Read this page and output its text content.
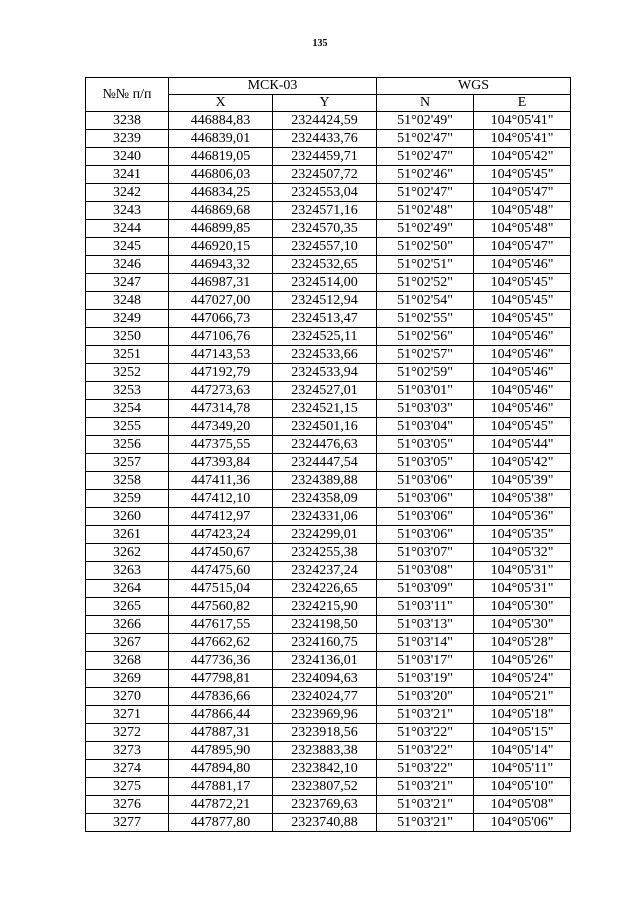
135
№№ п/п	МСК-03		WGS	
	X	Y	N	E
3238	446884,83	2324424,59	51°02'49"	104°05'41"
3239	446839,01	2324433,76	51°02'47"	104°05'41"
3240	446819,05	2324459,71	51°02'47"	104°05'42"
3241	446806,03	2324507,72	51°02'46"	104°05'45"
3242	446834,25	2324553,04	51°02'47"	104°05'47"
3243	446869,68	2324571,16	51°02'48"	104°05'48"
3244	446899,85	2324570,35	51°02'49"	104°05'48"
3245	446920,15	2324557,10	51°02'50"	104°05'47"
3246	446943,32	2324532,65	51°02'51"	104°05'46"
3247	446987,31	2324514,00	51°02'52"	104°05'45"
3248	447027,00	2324512,94	51°02'54"	104°05'45"
3249	447066,73	2324513,47	51°02'55"	104°05'45"
3250	447106,76	2324525,11	51°02'56"	104°05'46"
3251	447143,53	2324533,66	51°02'57"	104°05'46"
3252	447192,79	2324533,94	51°02'59"	104°05'46"
3253	447273,63	2324527,01	51°03'01"	104°05'46"
3254	447314,78	2324521,15	51°03'03"	104°05'46"
3255	447349,20	2324501,16	51°03'04"	104°05'45"
3256	447375,55	2324476,63	51°03'05"	104°05'44"
3257	447393,84	2324447,54	51°03'05"	104°05'42"
3258	447411,36	2324389,88	51°03'06"	104°05'39"
3259	447412,10	2324358,09	51°03'06"	104°05'38"
3260	447412,97	2324331,06	51°03'06"	104°05'36"
3261	447423,24	2324299,01	51°03'06"	104°05'35"
3262	447450,67	2324255,38	51°03'07"	104°05'32"
3263	447475,60	2324237,24	51°03'08"	104°05'31"
3264	447515,04	2324226,65	51°03'09"	104°05'31"
3265	447560,82	2324215,90	51°03'11"	104°05'30"
3266	447617,55	2324198,50	51°03'13"	104°05'30"
3267	447662,62	2324160,75	51°03'14"	104°05'28"
3268	447736,36	2324136,01	51°03'17"	104°05'26"
3269	447798,81	2324094,63	51°03'19"	104°05'24"
3270	447836,66	2324024,77	51°03'20"	104°05'21"
3271	447866,44	2323969,96	51°03'21"	104°05'18"
3272	447887,31	2323918,56	51°03'22"	104°05'15"
3273	447895,90	2323883,38	51°03'22"	104°05'14"
3274	447894,80	2323842,10	51°03'22"	104°05'11"
3275	447881,17	2323807,52	51°03'21"	104°05'10"
3276	447872,21	2323769,63	51°03'21"	104°05'08"
3277	447877,80	2323740,88	51°03'21"	104°05'06"
